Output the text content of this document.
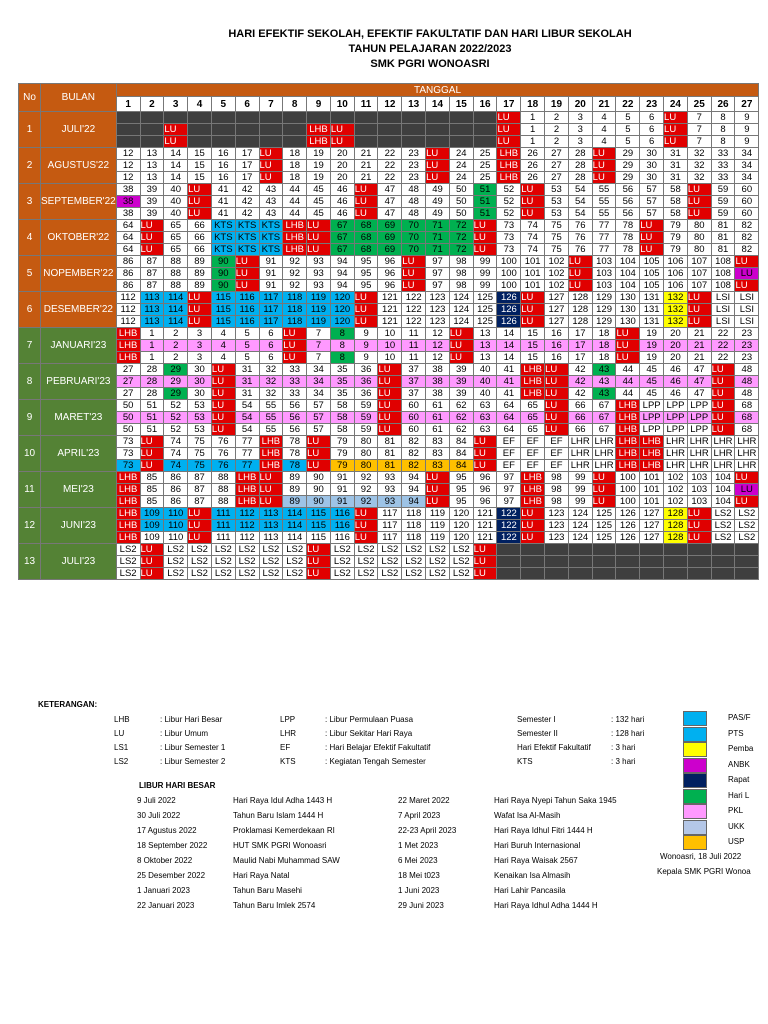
HARI EFEKTIF SEKOLAH, EFEKTIF FAKULTATIF DAN HARI LIBUR SEKOLAH
TAHUN PELAJARAN 2022/2023
SMK PGRI WONOASRI
No	BULAN	TANGGAL																										
		1	2	3	4	5	6	7	8	9	10	11	12	13	14	15	16	17	18	19	20	21	22	23	24	25	26	27
1	JULI'22																	LU	1	2	3	4	5	6	LU	7	8	9
				LU						LHB	LU							LU	1	2	3	4	5	6	LU	7	8	9
				LU						LHB	LU							LU	1	2	3	4	5	6	LU	7	8	9
2	AGUSTUS'22	12	13	14	15	16	17	LU	18	19	20	21	22	23	LU	24	25	LHB	26	27	28	LU	29	30	31	32	33	34
		12	13	14	15	16	17	LU	18	19	20	21	22	23	LU	24	25	LHB	26	27	28	LU	29	30	31	32	33	34
		12	13	14	15	16	17	LU	18	19	20	21	22	23	LU	24	25	LHB	26	27	28	LU	29	30	31	32	33	34
3	SEPTEMBER'22	38	39	40	LU	41	42	43	44	45	46	LU	47	48	49	50	51	52	LU	53	54	55	56	57	58	LU	59	60
		38	39	40	LU	41	42	43	44	45	46	LU	47	48	49	50	51	52	LU	53	54	55	56	57	58	LU	59	60
		38	39	40	LU	41	42	43	44	45	46	LU	47	48	49	50	51	52	LU	53	54	55	56	57	58	LU	59	60
4	OKTOBER'22	64	LU	65	66	KTS	KTS	KTS	LHB	LU	67	68	69	70	71	72	LU	73	74	75	76	77	78	LU	79	80	81	82
		64	LU	65	66	KTS	KTS	KTS	LHB	LU	67	68	69	70	71	72	LU	73	74	75	76	77	78	LU	79	80	81	82
		64	LU	65	66	KTS	KTS	KTS	LHB	LU	67	68	69	70	71	72	LU	73	74	75	76	77	78	LU	79	80	81	82
5	NOPEMBER'22	86	87	88	89	90	LU	91	92	93	94	95	96	LU	97	98	99	100	101	102	LU	103	104	105	106	107	108	LU
		86	87	88	89	90	LU	91	92	93	94	95	96	LU	97	98	99	100	101	102	LU	103	104	105	106	107	108	LU
		86	87	88	89	90	LU	91	92	93	94	95	96	LU	97	98	99	100	101	102	LU	103	104	105	106	107	108	LU
6	DESEMBER'22	112	113	114	LU	115	116	117	118	119	120	LU	121	122	123	124	125	126	LU	127	128	129	130	131	132	LU	LSI	LSI
		112	113	114	LU	115	116	117	118	119	120	LU	121	122	123	124	125	126	LU	127	128	129	130	131	132	LU	LSI	LSI
		112	113	114	LU	115	116	117	118	119	120	LU	121	122	123	124	125	126	LU	127	128	129	130	131	132	LU	LSI	LSI
7	JANUARI'23	LHB	1	2	3	4	5	6	LU	7	8	9	10	11	12	LU	13	14	15	16	17	18	LU	19	20	21	22	23
		LHB	1	2	3	4	5	6	LU	7	8	9	10	11	12	LU	13	14	15	16	17	18	LU	19	20	21	22	23
		LHB	1	2	3	4	5	6	LU	7	8	9	10	11	12	LU	13	14	15	16	17	18	LU	19	20	21	22	23
8	PEBRUARI'23	27	28	29	30	LU	31	32	33	34	35	36	LU	37	38	39	40	41	LHB	LU	42	43	44	45	46	47	LU	48
		27	28	29	30	LU	31	32	33	34	35	36	LU	37	38	39	40	41	LHB	LU	42	43	44	45	46	47	LU	48
		27	28	29	30	LU	31	32	33	34	35	36	LU	37	38	39	40	41	LHB	LU	42	43	44	45	46	47	LU	48
9	MARET'23	50	51	52	53	LU	54	55	56	57	58	59	LU	60	61	62	63	64	65	LU	66	67	LHB	LPP	LPP	LPP	LU	68
		50	51	52	53	LU	54	55	56	57	58	59	LU	60	61	62	63	64	65	LU	66	67	LHB	LPP	LPP	LPP	LU	68
		50	51	52	53	LU	54	55	56	57	58	59	LU	60	61	62	63	64	65	LU	66	67	LHB	LPP	LPP	LPP	LU	68
10	APRIL'23	73	LU	74	75	76	77	LHB	78	LU	79	80	81	82	83	84	LU	EF	EF	EF	LHR	LHR	LHB	LHB	LHR	LHR	LHR	LHR
		73	LU	74	75	76	77	LHB	78	LU	79	80	81	82	83	84	LU	EF	EF	EF	LHR	LHR	LHB	LHB	LHR	LHR	LHR	LHR
		73	LU	74	75	76	77	LHB	78	LU	79	80	81	82	83	84	LU	EF	EF	EF	LHR	LHR	LHB	LHB	LHR	LHR	LHR	LHR
11	MEI'23	LHB	85	86	87	88	LHB	LU	89	90	91	92	93	94	LU	95	96	97	LHB	98	99	LU	100	101	102	103	104	LU
		LHB	85	86	87	88	LHB	LU	89	90	91	92	93	94	LU	95	96	97	LHB	98	99	LU	100	101	102	103	104	LU
		LHB	85	86	87	88	LHB	LU	89	90	91	92	93	94	LU	95	96	97	LHB	98	99	LU	100	101	102	103	104	LU
12	JUNI'23	LHB	109	110	LU	111	112	113	114	115	116	LU	117	118	119	120	121	122	LU	123	124	125	126	127	128	LU	LS2	LS2
		LHB	109	110	LU	111	112	113	114	115	116	LU	117	118	119	120	121	122	LU	123	124	125	126	127	128	LU	LS2	LS2
		LHB	109	110	LU	111	112	113	114	115	116	LU	117	118	119	120	121	122	LU	123	124	125	126	127	128	LU	LS2	LS2
13	JULI'23	LS2	LU	LS2	LS2	LS2	LS2	LS2	LS2	LU	LS2	LS2	LS2	LS2	LS2	LS2	LU											
		LS2	LU	LS2	LS2	LS2	LS2	LS2	LS2	LU	LS2	LS2	LS2	LS2	LS2	LS2	LU											
		LS2	LU	LS2	LS2	LS2	LS2	LS2	LS2	LU	LS2	LS2	LS2	LS2	LS2	LS2	LU											
KETERANGAN:
LHB	: Libur Hari Besar
LU	: Libur Umum
LS1	: Libur Semester 1
LS2	: Libur Semester 2
LPP	: Libur Permulaan Puasa
LHR	: Libur Sekitar Hari Raya
EF	: Hari Belajar Efektif Fakultatif
KTS	: Kegiatan Tengah Semester
Semester I	: 132 hari
Semester II	: 128 hari
Hari Efektif Fakultatif	: 3 hari
KTS	: 3 hari
PAS/F
PTS
Pemba
ANBK
Rapat
Hari L
PKL
UKK
USP
LIBUR HARI BESAR
9 Juli 2022	Hari Raya Idul Adha 1443 H
30 Juli 2022	Tahun Baru Islam 1444 H
17 Agustus 2022	Proklamasi Kemerdekaan RI
18 September 2022	HUT SMK PGRI Wonoasri
8 Oktober 2022	Maulid Nabi Muhammad SAW
25 Desember 2022	Hari Raya Natal
1 Januari 2023	Tahun Baru Masehi
22 Januari 2023	Tahun Baru Imlek 2574
22 Maret 2022	Hari Raya Nyepi Tahun Saka 1945
7 April 2023	Wafat Isa Al-Masih
22-23 April 2023	Hari Raya Idhul Fitri 1444 H
1 Met 2023	Hari Buruh Internasional
6 Mei 2023	Hari Raya Waisak 2567
18 Mei t023	Kenaikan Isa Almasih
1 Juni 2023	Hari Lahir Pancasila
29 Juni 2023	Hari Raya Idhul Adha 1444 H
Wonoasri, 18 Juli 2022
Kepala SMK PGRI Wonoa
